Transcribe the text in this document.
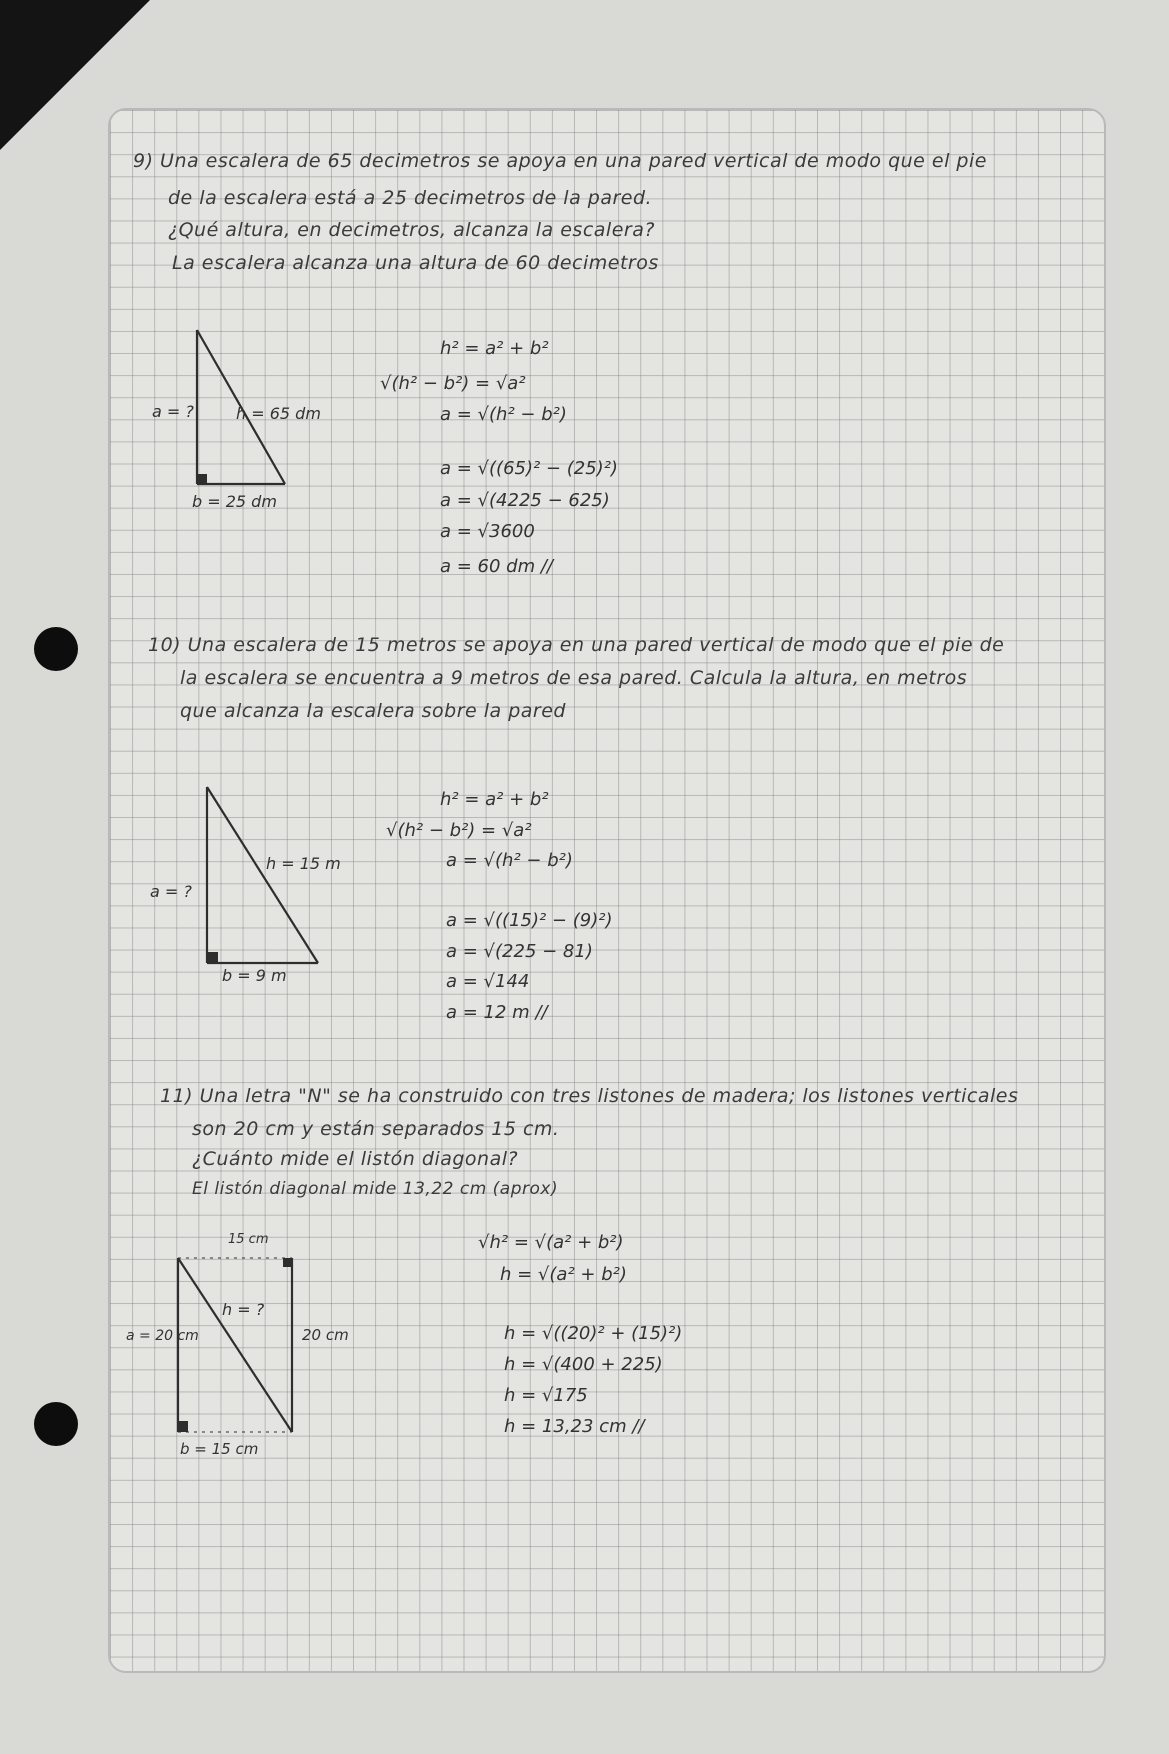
9) Una escalera de 65 decimetros se apoya en una pared vertical de modo que el pie
de la escalera está a 25 decimetros de la pared.
¿Qué altura, en decimetros, alcanza la escalera?
La escalera alcanza una altura de 60 decimetros
a = ?	h = 65 dm
b = 25 dm
h² = a² + b²
√(h² − b²) = √a²
a = √(h² − b²)
a = √((65)² − (25)²)
a = √(4225 − 625)
a = √3600
a = 60 dm //
10) Una escalera de 15 metros se apoya en una pared vertical de modo que el pie de
la escalera se encuentra a 9 metros de esa pared. Calcula la altura, en metros
que alcanza la escalera sobre la pared
a = ?
h = 15 m
b = 9 m
h² = a² + b²
√(h² − b²) = √a²
a = √(h² − b²)
a = √((15)² − (9)²)
a = √(225 − 81)
a = √144
a = 12 m //
11) Una letra "N" se ha construido con tres listones de madera; los listones verticales
son 20 cm y están separados 15 cm.
¿Cuánto mide el listón diagonal?
El listón diagonal mide 13,22 cm (aprox)
15 cm
h = ?
a = 20 cm	20 cm
b = 15 cm
√h² = √(a² + b²)
h = √(a² + b²)
h = √((20)² + (15)²)
h = √(400 + 225)
h = √175
h = 13,23 cm //
